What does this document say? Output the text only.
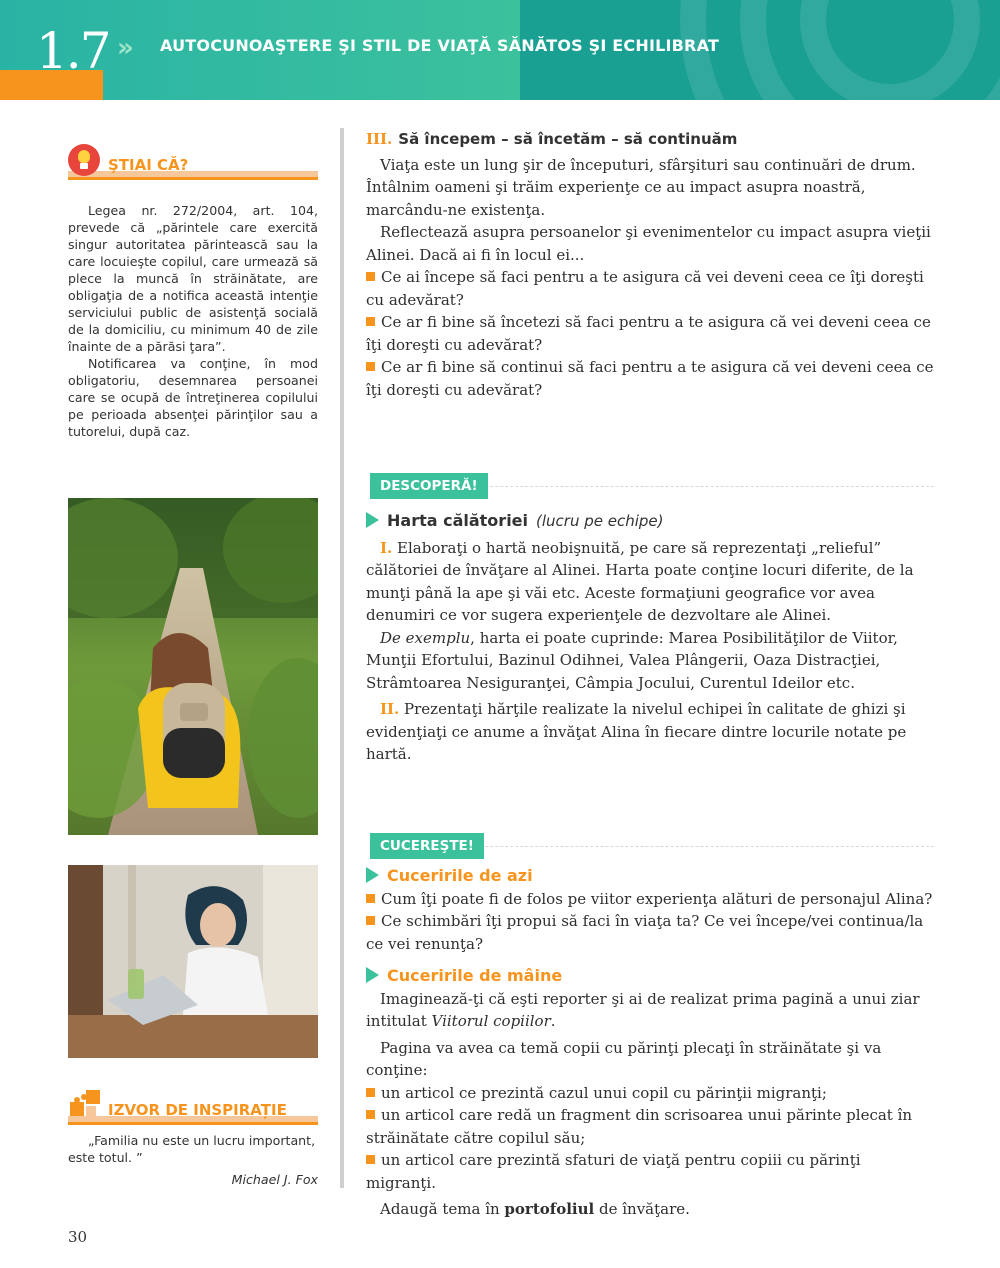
1.7 » AUTOCUNOAŞTERE ŞI STIL DE VIAŢĂ SĂNĂTOS ŞI ECHILIBRAT
ŞTIAI CĂ?

Legea nr. 272/2004, art. 104, prevede că „părintele care exercită singur autoritatea părintească sau la care locuieşte copilul, care urmează să plece la muncă în străinătate, are obligaţia de a notifica această intenţie serviciului public de asistenţă socială de la domiciliu, cu minimum 40 de zile înainte de a părăsi ţara”.

Notificarea va conţine, în mod obligatoriu, desemnarea persoanei care se ocupă de întreţinerea copilului pe perioada absenţei părinţilor sau a tutorelui, după caz.

IZVOR DE INSPIRAȚIE
„Familia nu este un lucru important, este totul. ”
Michael J. Fox

III. Să începem – să încetăm – să continuăm

Viaţa este un lung şir de începuturi, sfârşituri sau continuări de drum. Întâlnim oameni şi trăim experienţe ce au impact asupra noastră, marcându-ne existenţa.

Reflectează asupra persoanelor şi evenimentelor cu impact asupra vieţii Alinei. Dacă ai fi în locul ei...

Ce ai începe să faci pentru a te asigura că vei deveni ceea ce îţi doreşti cu adevărat?

Ce ar fi bine să încetezi să faci pentru a te asigura că vei deveni ceea ce îţi doreşti cu adevărat?

Ce ar fi bine să continui să faci pentru a te asigura că vei deveni ceea ce îţi doreşti cu adevărat?

DESCOPERĂ!

Harta călătoriei (lucru pe echipe)

I. Elaboraţi o hartă neobişnuită, pe care să reprezentaţi „relieful” călătoriei de învăţare al Alinei. Harta poate conţine locuri diferite, de la munţi până la ape şi văi etc. Aceste formaţiuni geografice vor avea denumiri ce vor sugera experienţele de dezvoltare ale Alinei.

De exemplu, harta ei poate cuprinde: Marea Posibilităţilor de Viitor, Munţii Efortului, Bazinul Odihnei, Valea Plângerii, Oaza Distracţiei, Strâmtoarea Nesiguranţei, Câmpia Jocului, Curentul Ideilor etc.

II. Prezentaţi hărţile realizate la nivelul echipei în calitate de ghizi şi evidenţiaţi ce anume a învăţat Alina în fiecare dintre locurile notate pe hartă.

CUCEREŞTE!

Cuceririle de azi

Cum îţi poate fi de folos pe viitor experienţa alături de personajul Alina?

Ce schimbări îţi propui să faci în viaţa ta? Ce vei începe/vei continua/la ce vei renunţa?

Cuceririle de mâine

Imaginează-ţi că eşti reporter şi ai de realizat prima pagină a unui ziar intitulat Viitorul copiilor.

Pagina va avea ca temă copii cu părinţi plecaţi în străinătate şi va conţine:

un articol ce prezintă cazul unui copil cu părinţii migranţi;

un articol care redă un fragment din scrisoarea unui părinte plecat în străinătate către copilul său;

un articol care prezintă sfaturi de viaţă pentru copiii cu părinţi migranţi.

Adaugă tema în portofoliul de învăţare.

30
